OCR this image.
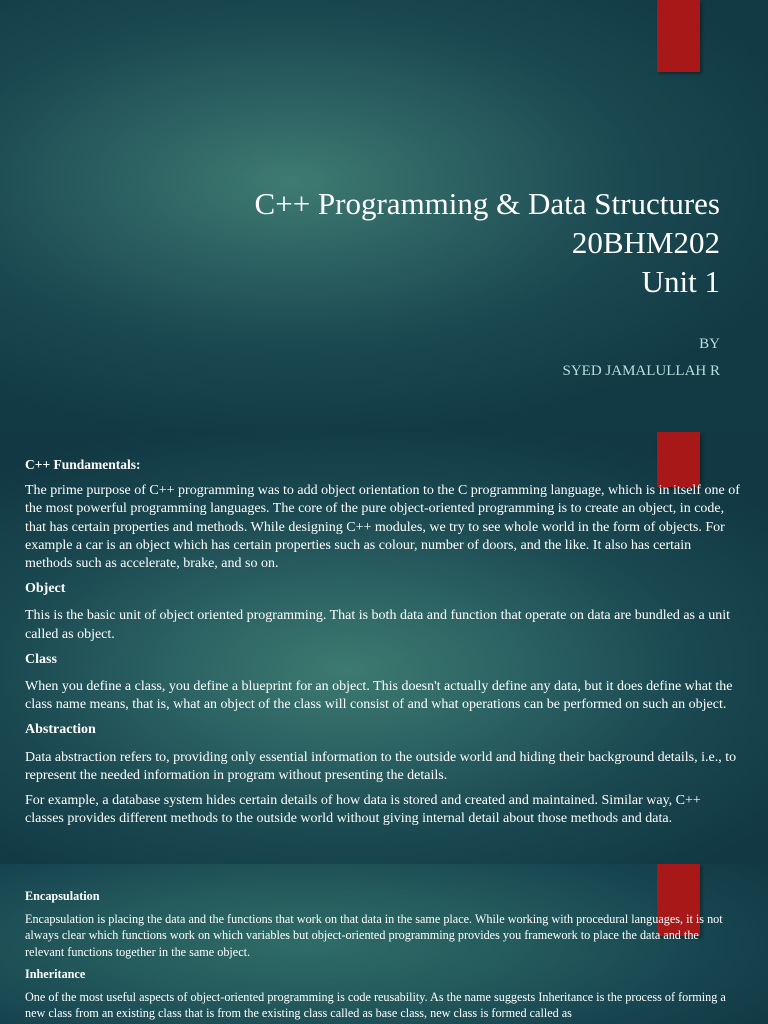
C++ Programming & Data Structures
20BHM202
Unit 1
BY
SYED JAMALULLAH R
C++ Fundamentals:

The prime purpose of C++ programming was to add object orientation to the C programming language, which is in itself one of the most powerful programming languages. The core of the pure object-oriented programming is to create an object, in code, that has certain properties and methods. While designing C++ modules, we try to see whole world in the form of objects. For example a car is an object which has certain properties such as colour, number of doors, and the like. It also has certain methods such as accelerate, brake, and so on.

Object

This is the basic unit of object oriented programming. That is both data and function that operate on data are bundled as a unit called as object.

Class

When you define a class, you define a blueprint for an object. This doesn't actually define any data, but it does define what the class name means, that is, what an object of the class will consist of and what operations can be performed on such an object.

Abstraction

Data abstraction refers to, providing only essential information to the outside world and hiding their background details, i.e., to represent the needed information in program without presenting the details.

For example, a database system hides certain details of how data is stored and created and maintained. Similar way, C++ classes provides different methods to the outside world without giving internal detail about those methods and data.

Encapsulation

Encapsulation is placing the data and the functions that work on that data in the same place. While working with procedural languages, it is not always clear which functions work on which variables but object-oriented programming provides you framework to place the data and the relevant functions together in the same object.

Inheritance

One of the most useful aspects of object-oriented programming is code reusability. As the name suggests Inheritance is the process of forming a new class from an existing class that is from the existing class called as base class, new class is formed called as
